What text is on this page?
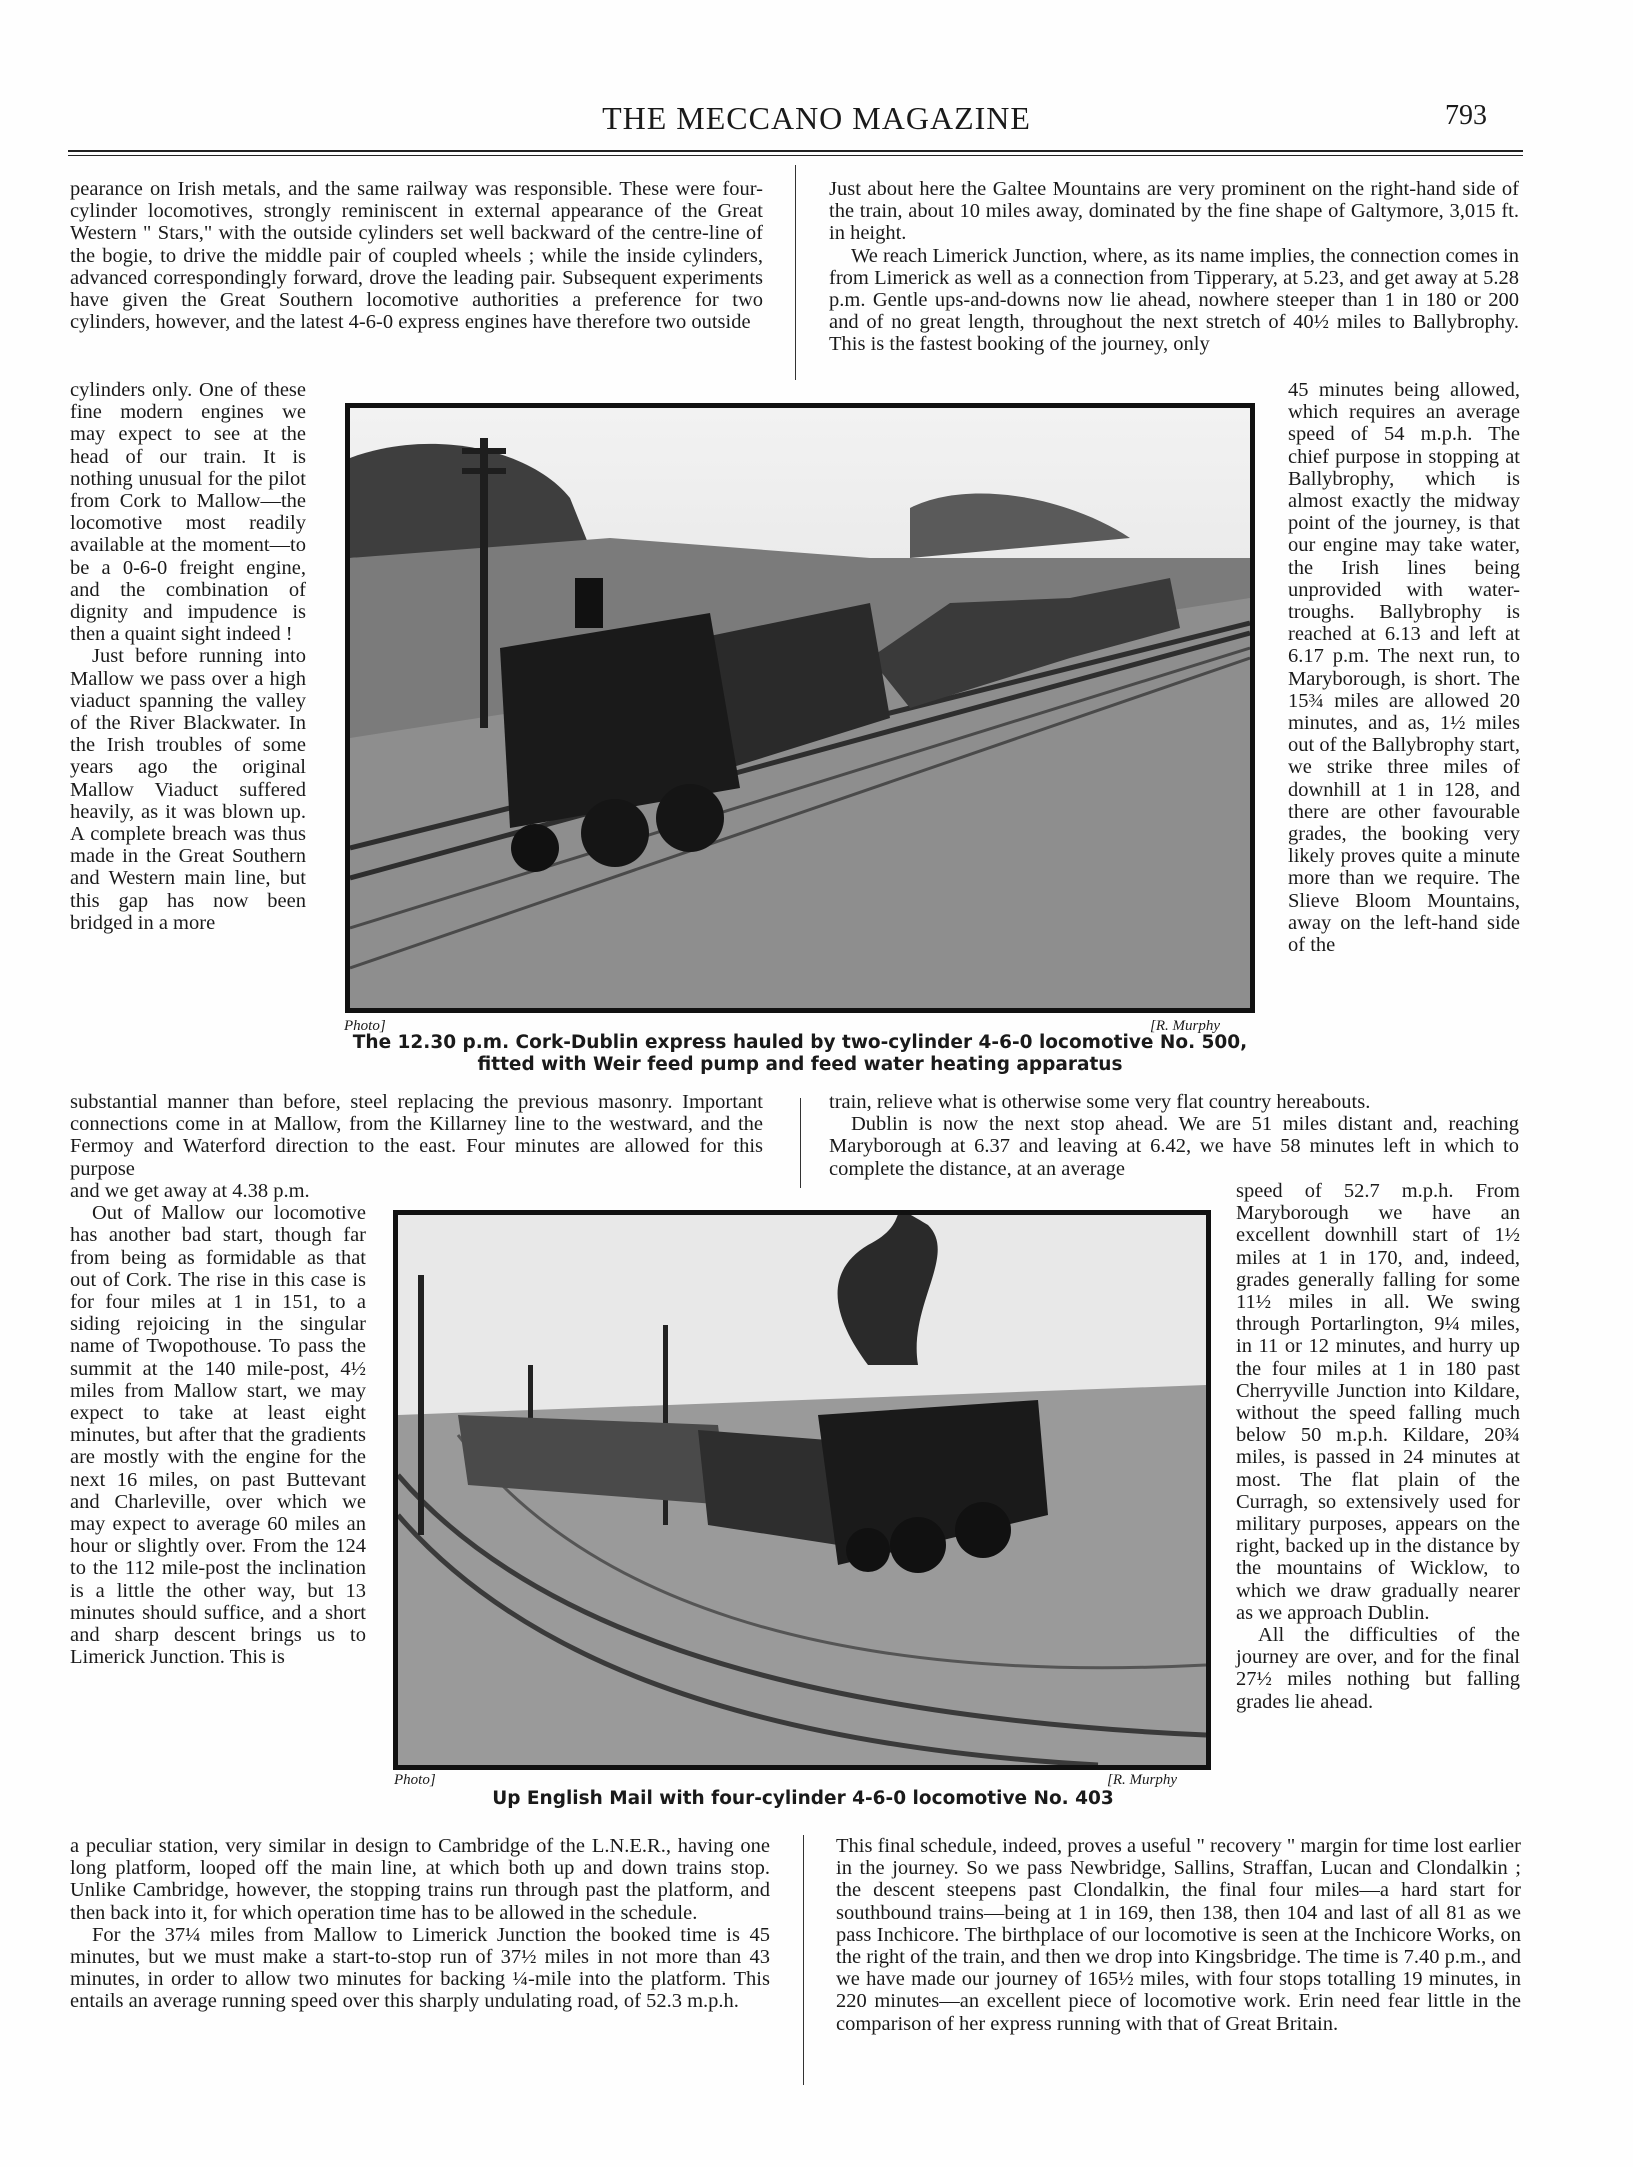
THE MECCANO MAGAZINE	793

pearance on Irish metals, and the same railway was responsible. These were four-cylinder locomotives, strongly reminiscent in external appearance of the Great Western " Stars," with the outside cylinders set well backward of the centre-line of the bogie, to drive the middle pair of coupled wheels ; while the inside cylinders, advanced correspondingly forward, drove the leading pair. Subsequent experiments have given the Great Southern locomotive authorities a preference for two cylinders, however, and the latest 4-6-0 express engines have therefore two outside

Just about here the Galtee Mountains are very prominent on the right-hand side of the train, about 10 miles away, dominated by the fine shape of Galtymore, 3,015 ft. in height.

We reach Limerick Junction, where, as its name implies, the connection comes in from Limerick as well as a connection from Tipperary, at 5.23, and get away at 5.28 p.m. Gentle ups-and-downs now lie ahead, nowhere steeper than 1 in 180 or 200 and of no great length, throughout the next stretch of 40½ miles to Ballybrophy. This is the fastest booking of the journey, only

cylinders only. One of these fine modern engines we may expect to see at the head of our train. It is nothing unusual for the pilot from Cork to Mallow—the locomotive most readily available at the moment—to be a 0-6-0 freight engine, and the combination of dignity and impudence is then a quaint sight indeed !

Just before running into Mallow we pass over a high viaduct spanning the valley of the River Blackwater. In the Irish troubles of some years ago the original Mallow Viaduct suffered heavily, as it was blown up. A complete breach was thus made in the Great Southern and Western main line, but this gap has now been bridged in a more

Photo]	[R. Murphy
The 12.30 p.m. Cork-Dublin express hauled by two-cylinder 4-6-0 locomotive No. 500,
fitted with Weir feed pump and feed water heating apparatus

45 minutes being allowed, which requires an average speed of 54 m.p.h. The chief purpose in stopping at Ballybrophy, which is almost exactly the midway point of the journey, is that our engine may take water, the Irish lines being unprovided with water-troughs. Ballybrophy is reached at 6.13 and left at 6.17 p.m. The next run, to Maryborough, is short. The 15¾ miles are allowed 20 minutes, and as, 1½ miles out of the Ballybrophy start, we strike three miles of downhill at 1 in 128, and there are other favourable grades, the booking very likely proves quite a minute more than we require. The Slieve Bloom Mountains, away on the left-hand side of the

substantial manner than before, steel replacing the previous masonry. Important connections come in at Mallow, from the Killarney line to the westward, and the Fermoy and Waterford direction to the east. Four minutes are allowed for this purpose

train, relieve what is otherwise some very flat country hereabouts.

Dublin is now the next stop ahead. We are 51 miles distant and, reaching Maryborough at 6.37 and leaving at 6.42, we have 58 minutes left in which to complete the distance, at an average

and we get away at 4.38 p.m.

Out of Mallow our locomotive has another bad start, though far from being as formidable as that out of Cork. The rise in this case is for four miles at 1 in 151, to a siding rejoicing in the singular name of Twopothouse. To pass the summit at the 140 mile-post, 4½ miles from Mallow start, we may expect to take at least eight minutes, but after that the gradients are mostly with the engine for the next 16 miles, on past Buttevant and Charleville, over which we may expect to average 60 miles an hour or slightly over. From the 124 to the 112 mile-post the inclination is a little the other way, but 13 minutes should suffice, and a short and sharp descent brings us to Limerick Junction. This is

Photo]	[R. Murphy
Up English Mail with four-cylinder 4-6-0 locomotive No. 403

speed of 52.7 m.p.h. From Maryborough we have an excellent downhill start of 1½ miles at 1 in 170, and, indeed, grades generally falling for some 11½ miles in all. We swing through Portarlington, 9¼ miles, in 11 or 12 minutes, and hurry up the four miles at 1 in 180 past Cherryville Junction into Kildare, without the speed falling much below 50 m.p.h. Kildare, 20¾ miles, is passed in 24 minutes at most. The flat plain of the Curragh, so extensively used for military purposes, appears on the right, backed up in the distance by the mountains of Wicklow, to which we draw gradually nearer as we approach Dublin.

All the difficulties of the journey are over, and for the final 27½ miles nothing but falling grades lie ahead.

a peculiar station, very similar in design to Cambridge of the L.N.E.R., having one long platform, looped off the main line, at which both up and down trains stop. Unlike Cambridge, however, the stopping trains run through past the platform, and then back into it, for which operation time has to be allowed in the schedule.

For the 37¼ miles from Mallow to Limerick Junction the booked time is 45 minutes, but we must make a start-to-stop run of 37½ miles in not more than 43 minutes, in order to allow two minutes for backing ¼-mile into the platform. This entails an average running speed over this sharply undulating road, of 52.3 m.p.h.

This final schedule, indeed, proves a useful " recovery " margin for time lost earlier in the journey. So we pass Newbridge, Sallins, Straffan, Lucan and Clondalkin ; the descent steepens past Clondalkin, the final four miles—a hard start for southbound trains—being at 1 in 169, then 138, then 104 and last of all 81 as we pass Inchicore. The birthplace of our locomotive is seen at the Inchicore Works, on the right of the train, and then we drop into Kingsbridge. The time is 7.40 p.m., and we have made our journey of 165½ miles, with four stops totalling 19 minutes, in 220 minutes—an excellent piece of locomotive work. Erin need fear little in the comparison of her express running with that of Great Britain.
